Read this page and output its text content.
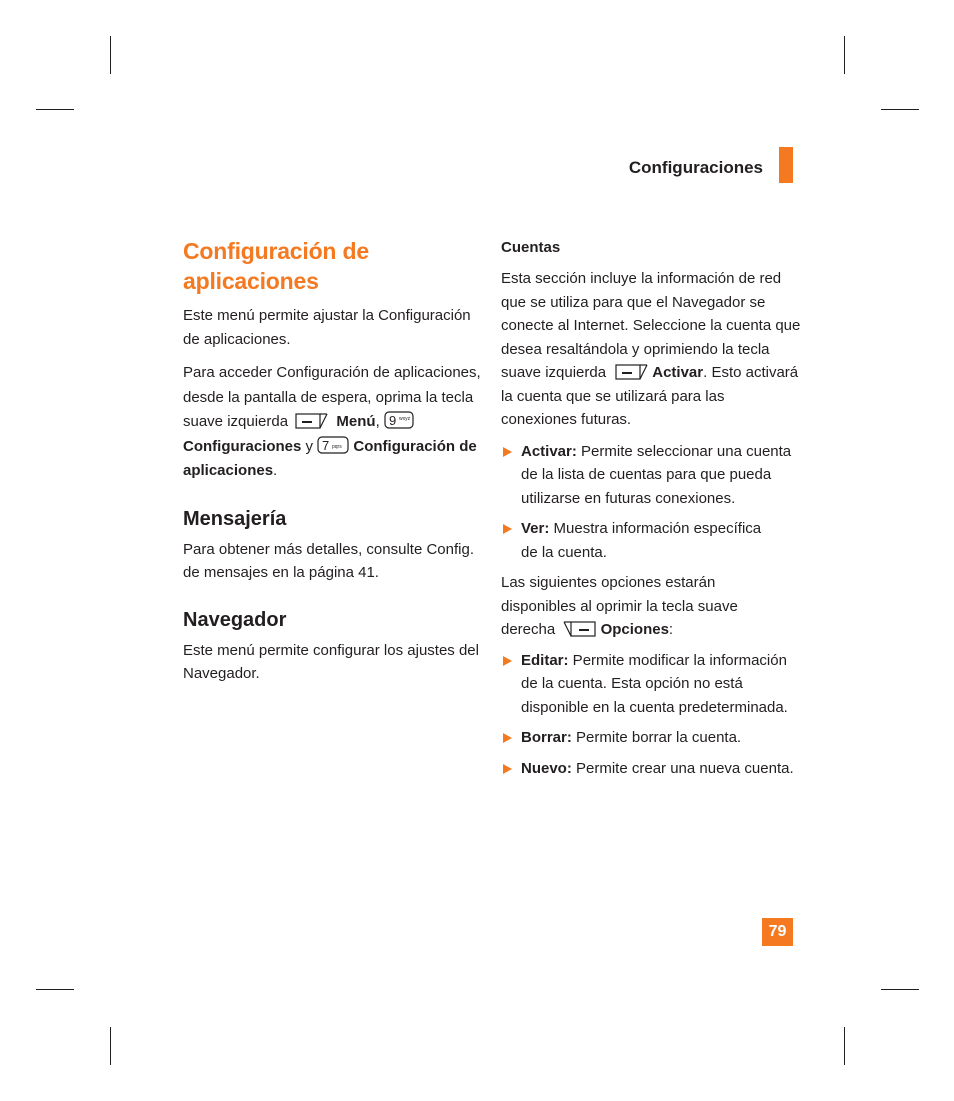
Configuraciones
Configuración de aplicaciones

Este menú permite ajustar la Configuración de aplicaciones.

Para acceder Configuración de aplicaciones, desde la pantalla de espera, oprima la tecla suave izquierda	Menú, 9 wxyz

Configuraciones y 7 pqrs Configuración de aplicaciones.

Mensajería

Para obtener más detalles, consulte Config. de mensajes en la página 41.

Navegador

Este menú permite configurar los ajustes del Navegador.

Cuentas

Esta sección incluye la información de red que se utiliza para que el Navegador se conecte al Internet. Seleccione la cuenta que desea resaltándola y oprimiendo la tecla suave izquierda	Activar. Esto activará la cuenta que se utilizará para las conexiones futuras.

Activar: Permite seleccionar una cuenta de la lista de cuentas para que pueda utilizarse en futuras conexiones.
Ver: Muestra información específica de la cuenta.

Las siguientes opciones estarán disponibles al oprimir la tecla suave derecha	Opciones:

Editar: Permite modificar la información de la cuenta. Esta opción no está disponible en la cuenta predeterminada.
Borrar: Permite borrar la cuenta.
Nuevo: Permite crear una nueva cuenta.
79
